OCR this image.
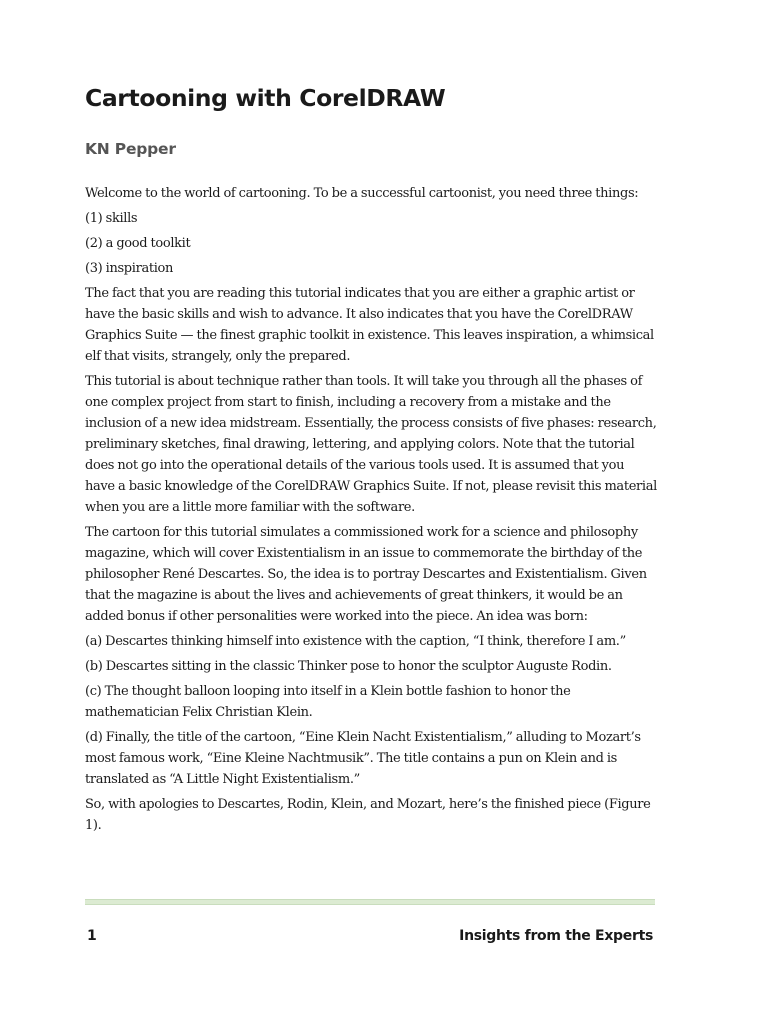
Cartooning with CorelDRAW
KN Pepper

Welcome to the world of cartooning. To be a successful cartoonist, you need three things:

(1) skills

(2) a good toolkit

(3) inspiration

The fact that you are reading this tutorial indicates that you are either a graphic artist or have the basic skills and wish to advance. It also indicates that you have the CorelDRAW Graphics Suite — the finest graphic toolkit in existence. This leaves inspiration, a whimsical elf that visits, strangely, only the prepared.

This tutorial is about technique rather than tools. It will take you through all the phases of one complex project from start to finish, including a recovery from a mistake and the inclusion of a new idea midstream. Essentially, the process consists of five phases: research, preliminary sketches, final drawing, lettering, and applying colors. Note that the tutorial does not go into the operational details of the various tools used. It is assumed that you have a basic knowledge of the CorelDRAW Graphics Suite. If not, please revisit this material when you are a little more familiar with the software.

The cartoon for this tutorial simulates a commissioned work for a science and philosophy magazine, which will cover Existentialism in an issue to commemorate the birthday of the philosopher René Descartes. So, the idea is to portray Descartes and Existentialism. Given that the magazine is about the lives and achievements of great thinkers, it would be an added bonus if other personalities were worked into the piece. An idea was born:

(a) Descartes thinking himself into existence with the caption, “I think, therefore I am.”

(b) Descartes sitting in the classic Thinker pose to honor the sculptor Auguste Rodin.

(c) The thought balloon looping into itself in a Klein bottle fashion to honor the mathematician Felix Christian Klein.

(d) Finally, the title of the cartoon, “Eine Klein Nacht Existentialism,” alluding to Mozart’s most famous work, “Eine Kleine Nachtmusik”. The title contains a pun on Klein and is translated as “A Little Night Existentialism.”

So, with apologies to Descartes, Rodin, Klein, and Mozart, here’s the finished piece (Figure 1).

1	Insights from the Experts
